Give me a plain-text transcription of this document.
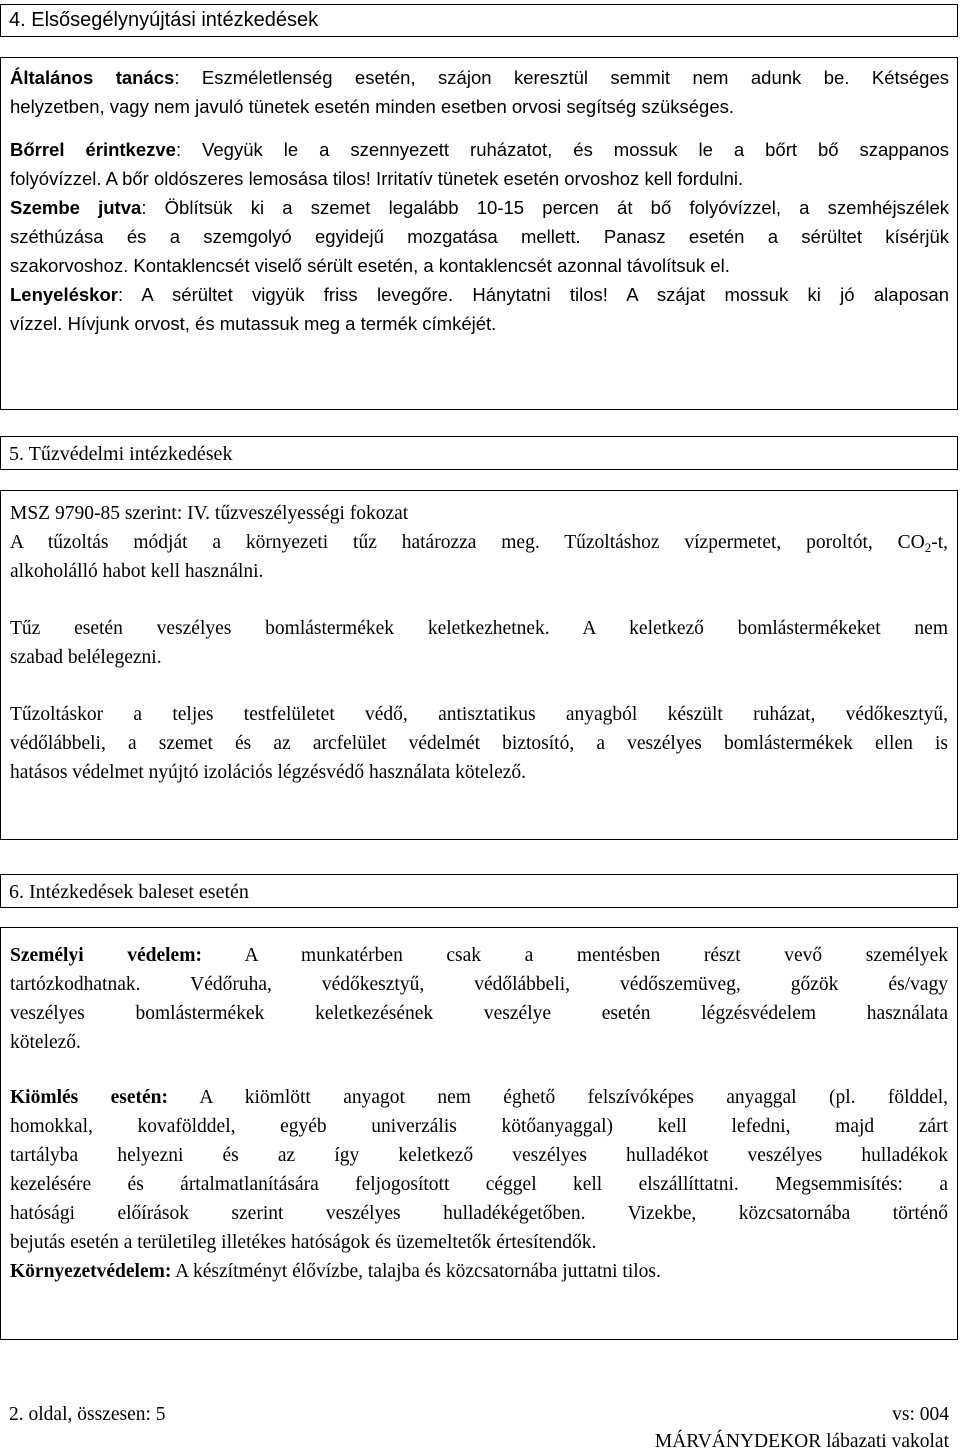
4. Elsősegélynyújtási intézkedések
Általános tanács: Eszméletlenség esetén, szájon keresztül semmit nem adunk be. Kétséges
helyzetben, vagy nem javuló tünetek esetén minden esetben orvosi segítség szükséges.
Bőrrel érintkezve: Vegyük le a szennyezett ruházatot, és mossuk le a bőrt bő szappanos
folyóvízzel. A bőr oldószeres lemosása tilos! Irritatív tünetek esetén orvoshoz kell fordulni.
Szembe jutva: Öblítsük ki a szemet legalább 10-15 percen át bő folyóvízzel, a szemhéjszélek
széthúzása és a szemgolyó egyidejű mozgatása mellett. Panasz esetén a sérültet kísérjük
szakorvoshoz. Kontaklencsét viselő sérült esetén, a kontaklencsét azonnal távolítsuk el.
Lenyeléskor: A sérültet vigyük friss levegőre. Hánytatni tilos! A szájat mossuk ki jó alaposan
vízzel. Hívjunk orvost, és mutassuk meg a termék címkéjét.
5. Tűzvédelmi intézkedések
MSZ 9790-85 szerint: IV. tűzveszélyességi fokozat
A tűzoltás módját a környezeti tűz határozza meg. Tűzoltáshoz vízpermetet, poroltót, $CO_2-t$,
alkoholálló habot kell használni.
Tűz esetén veszélyes bomlástermékek keletkezhetnek. A keletkező bomlástermékeket nem
szabad belélegezni.
Tűzoltáskor a teljes testfelületet védő, antisztatikus anyagból készült ruházat, védőkesztyű,
védőlábbeli, a szemet és az arcfelület védelmét biztosító, a veszélyes bomlástermékek ellen is
hatásos védelmet nyújtó izolációs légzésvédő használata kötelező.
6. Intézkedések baleset esetén
Személyi védelem: A munkatérben csak a mentésben részt vevő személyek
tartózkodhatnak. Védőruha, védőkesztyű, védőlábbeli, védőszemüveg, gőzök és/vagy
veszélyes bomlástermékek keletkezésének veszélye esetén légzésvédelem használata
kötelező.
Kiömlés esetén: A kiömlött anyagot nem éghető felszívóképes anyaggal (pl. földdel,
homokkal, kovafölddel, egyéb univerzális kötőanyaggal) kell lefedni, majd zárt
tartályba helyezni és az így keletkező veszélyes hulladékot veszélyes hulladékok
kezelésére és ártalmatlanítására feljogosított céggel kell elszállíttatni. Megsemmisítés: a
hatósági előírások szerint veszélyes hulladékégetőben. Vizekbe, közcsatornába történő
bejutás esetén a területileg illetékes hatóságok és üzemeltetők értesítendők.
Környezetvédelem: A készítményt élővízbe, talajba és közcsatornába juttatni tilos.
2. oldal, összesen: 5	vs: 004
MÁRVÁNYDEKOR lábazati vakolat
